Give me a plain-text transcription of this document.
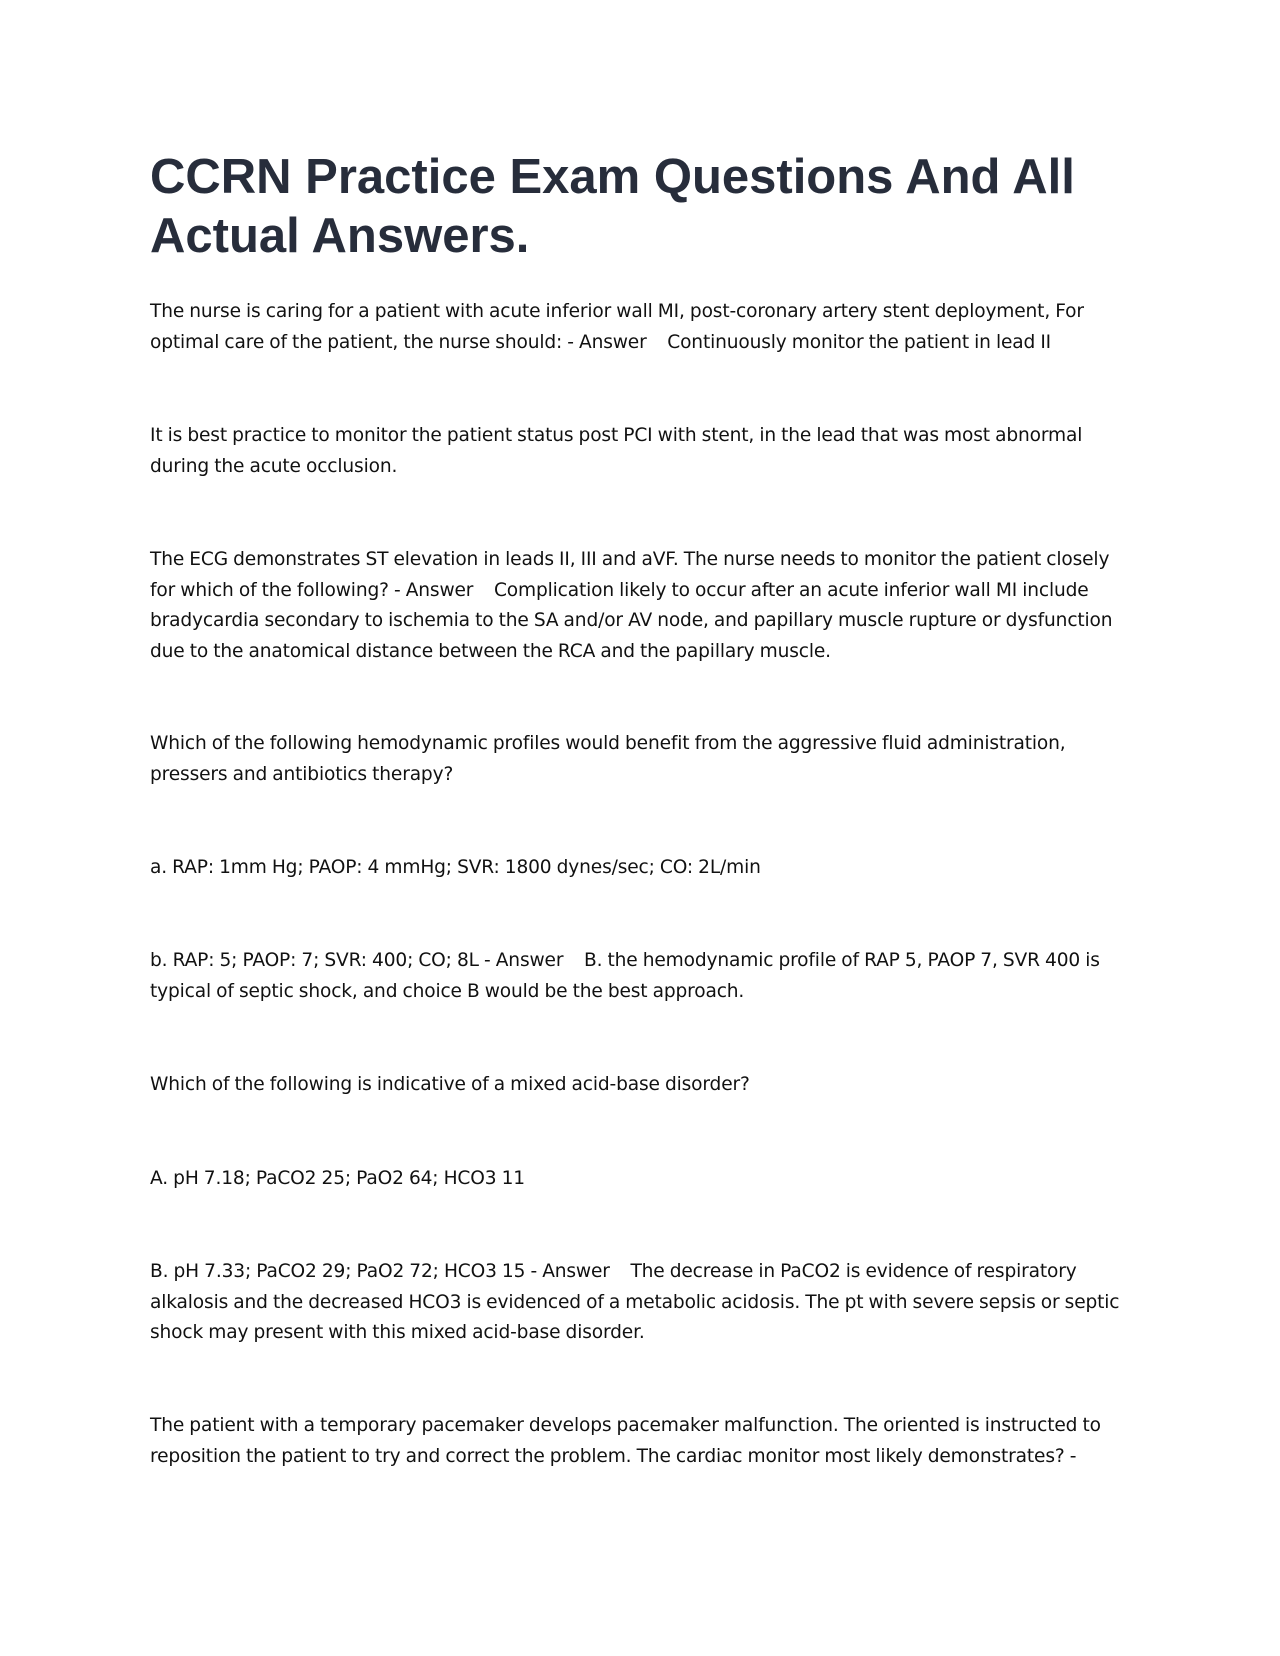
CCRN Practice Exam Questions And All Actual Answers.

The nurse is caring for a patient with acute inferior wall MI, post-coronary artery stent deployment, For optimal care of the patient, the nurse should: - Answer Continuously monitor the patient in lead II

It is best practice to monitor the patient status post PCI with stent, in the lead that was most abnormal during the acute occlusion.

The ECG demonstrates ST elevation in leads II, III and aVF. The nurse needs to monitor the patient closely for which of the following? - Answer Complication likely to occur after an acute inferior wall MI include bradycardia secondary to ischemia to the SA and/or AV node, and papillary muscle rupture or dysfunction due to the anatomical distance between the RCA and the papillary muscle.

Which of the following hemodynamic profiles would benefit from the aggressive fluid administration, pressers and antibiotics therapy?

a. RAP: 1mm Hg; PAOP: 4 mmHg; SVR: 1800 dynes/sec; CO: 2L/min

b. RAP: 5; PAOP: 7; SVR: 400; CO; 8L - Answer B. the hemodynamic profile of RAP 5, PAOP 7, SVR 400 is typical of septic shock, and choice B would be the best approach.

Which of the following is indicative of a mixed acid-base disorder?

A. pH 7.18; PaCO2 25; PaO2 64; HCO3 11

B. pH 7.33; PaCO2 29; PaO2 72; HCO3 15 - Answer The decrease in PaCO2 is evidence of respiratory alkalosis and the decreased HCO3 is evidenced of a metabolic acidosis. The pt with severe sepsis or septic shock may present with this mixed acid-base disorder.

The patient with a temporary pacemaker develops pacemaker malfunction. The oriented is instructed to reposition the patient to try and correct the problem. The cardiac monitor most likely demonstrates? -
